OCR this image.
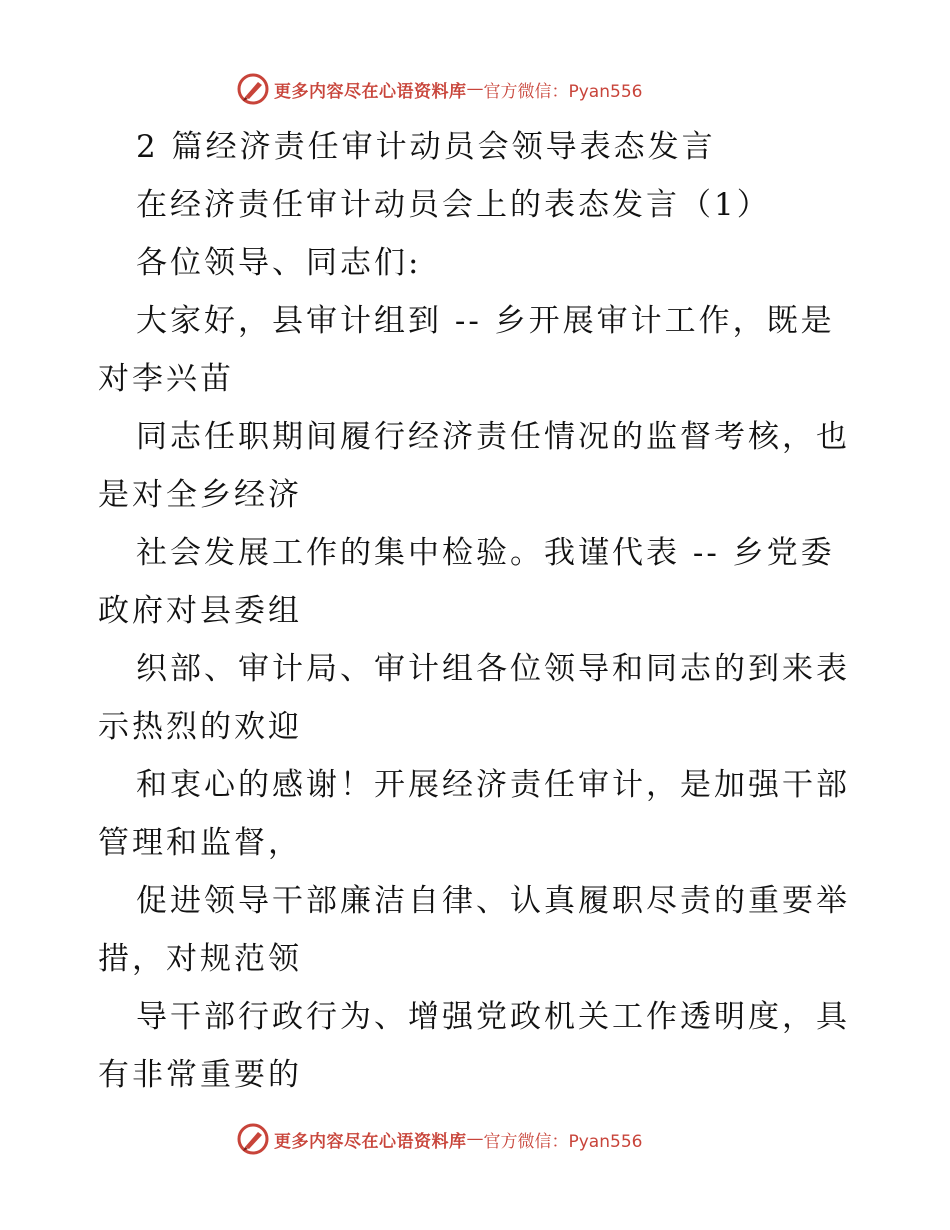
更多内容尽在心语资料库 — 官方微信：Pyan556

2 篇经济责任审计动员会领导表态发言

在经济责任审计动员会上的表态发言（1）

各位领导、同志们:

大家好，县审计组到 -- 乡开展审计工作，既是对李兴苗

同志任职期间履行经济责任情况的监督考核，也是对全乡经济

社会发展工作的集中检验。我谨代表 -- 乡党委政府对县委组

织部、审计局、审计组各位领导和同志的到来表示热烈的欢迎

和衷心的感谢！开展经济责任审计，是加强干部管理和监督，

促进领导干部廉洁自律、认真履职尽责的重要举措，对规范领

导干部行政行为、增强党政机关工作透明度，具有非常重要的

更多内容尽在心语资料库 — 官方微信：Pyan556
